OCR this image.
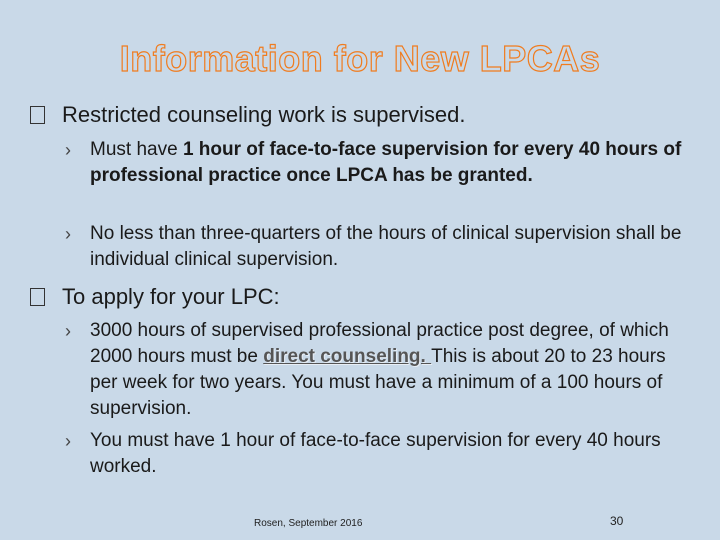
Information for New LPCAs
Restricted counseling work is supervised.
› Must have 1 hour of face-to-face supervision for every 40 hours of professional practice once LPCA has be granted.
› No less than three-quarters of the hours of clinical supervision shall be individual clinical supervision.
To apply for your LPC:
› 3000 hours of supervised professional practice post degree, of which 2000 hours must be direct counseling. This is about 20 to 23 hours per week for two years. You must have a minimum of a 100 hours of supervision.
› You must have 1 hour of face-to-face supervision for every 40 hours worked.
Rosen, September 2016	30
